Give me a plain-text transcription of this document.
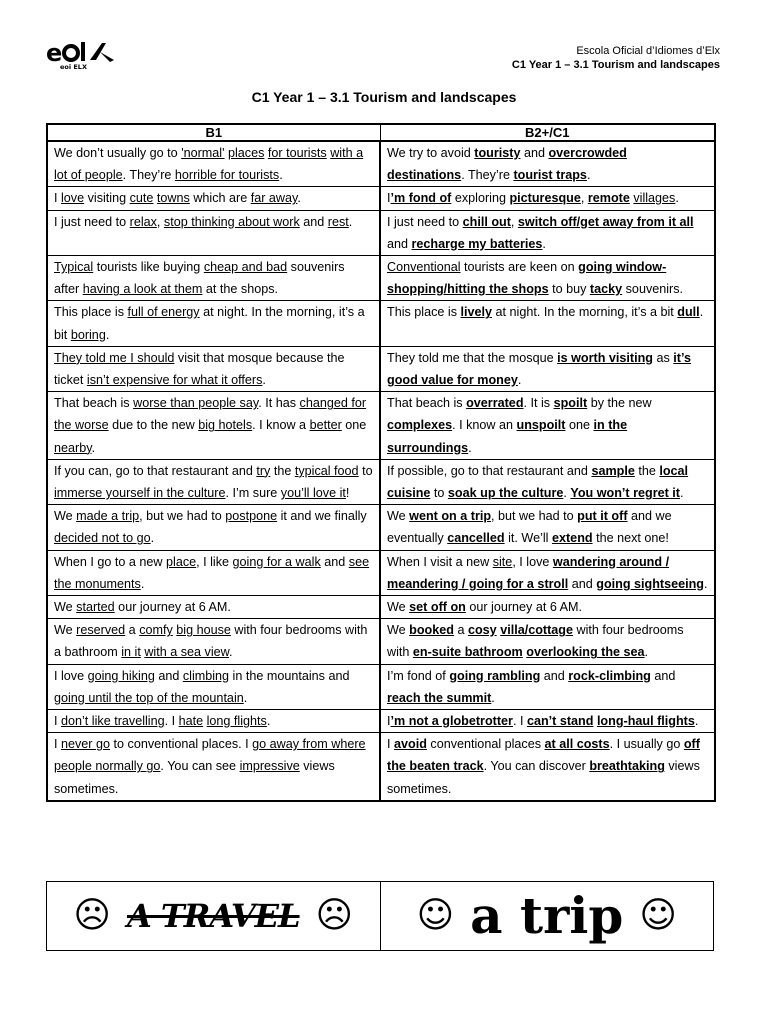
e
eoi ELX
Escola Oficial d’Idiomes d’Elx
C1 Year 1 – 3.1 Tourism and landscapes
C1 Year 1 – 3.1 Tourism and landscapes
B1	B2+/C1
We don’t usually go to 'normal' places for tourists with a lot of people. They’re horrible for tourists.	We try to avoid touristy and overcrowded destinations. They’re tourist traps.
I love visiting cute towns which are far away.	I’m fond of exploring picturesque, remote villages.
I just need to relax, stop thinking about work and rest.	I just need to chill out, switch off/get away from it all and recharge my batteries.
Typical tourists like buying cheap and bad souvenirs after having a look at them at the shops.	Conventional tourists are keen on going window-shopping/hitting the shops to buy tacky souvenirs.
This place is full of energy at night. In the morning, it’s a bit boring.	This place is lively at night. In the morning, it’s a bit dull.
They told me I should visit that mosque because the ticket isn’t expensive for what it offers.	They told me that the mosque is worth visiting as it’s good value for money.
That beach is worse than people say. It has changed for the worse due to the new big hotels. I know a better one nearby.	That beach is overrated. It is spoilt by the new complexes. I know an unspoilt one in the surroundings.
If you can, go to that restaurant and try the typical food to immerse yourself in the culture. I’m sure you’ll love it!	If possible, go to that restaurant and sample the local cuisine to soak up the culture. You won’t regret it.
We made a trip, but we had to postpone it and we finally decided not to go.	We went on a trip, but we had to put it off and we eventually cancelled it. We’ll extend the next one!
When I go to a new place, I like going for a walk and see the monuments.	When I visit a new site, I love wandering around / meandering / going for a stroll and going sightseeing.
We started our journey at 6 AM.	We set off on our journey at 6 AM.
We reserved a comfy big house with four bedrooms with a bathroom in it with a sea view.	We booked a cosy villa/cottage with four bedrooms with en-suite bathroom overlooking the sea.
I love going hiking and climbing in the mountains and going until the top of the mountain.	I’m fond of going rambling and rock-climbing and reach the summit.
I don’t like travelling. I hate long flights.	I’m not a globetrotter. I can’t stand long-haul flights.
I never go to conventional places. I go away from where people normally go. You can see impressive views sometimes.	I avoid conventional places at all costs. I usually go off the beaten track. You can discover breathtaking views sometimes.
☹ A TRAVEL ☹ ☺ a trip ☺
